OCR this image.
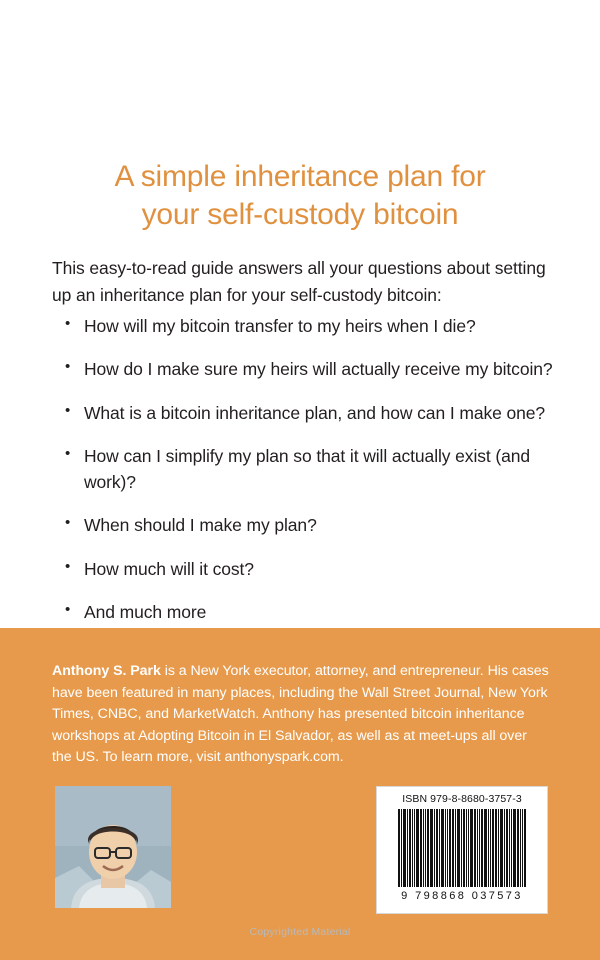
A simple inheritance plan for
your self-custody bitcoin
This easy-to-read guide answers all your questions about setting up an inheritance plan for your self-custody bitcoin:
• How will my bitcoin transfer to my heirs when I die?
• How do I make sure my heirs will actually receive my bitcoin?
• What is a bitcoin inheritance plan, and how can I make one?
• How can I simplify my plan so that it will actually exist (and work)?
• When should I make my plan?
• How much will it cost?
• And much more
Anthony S. Park is a New York executor, attorney, and entrepreneur. His cases have been featured in many places, including the Wall Street Journal, New York Times, CNBC, and MarketWatch. Anthony has presented bitcoin inheritance workshops at Adopting Bitcoin in El Salvador, as well as at meet-ups all over the US. To learn more, visit anthonyspark.com.
ISBN 979-8-8680-3757-3
9 798868 037573
Copyrighted Material
